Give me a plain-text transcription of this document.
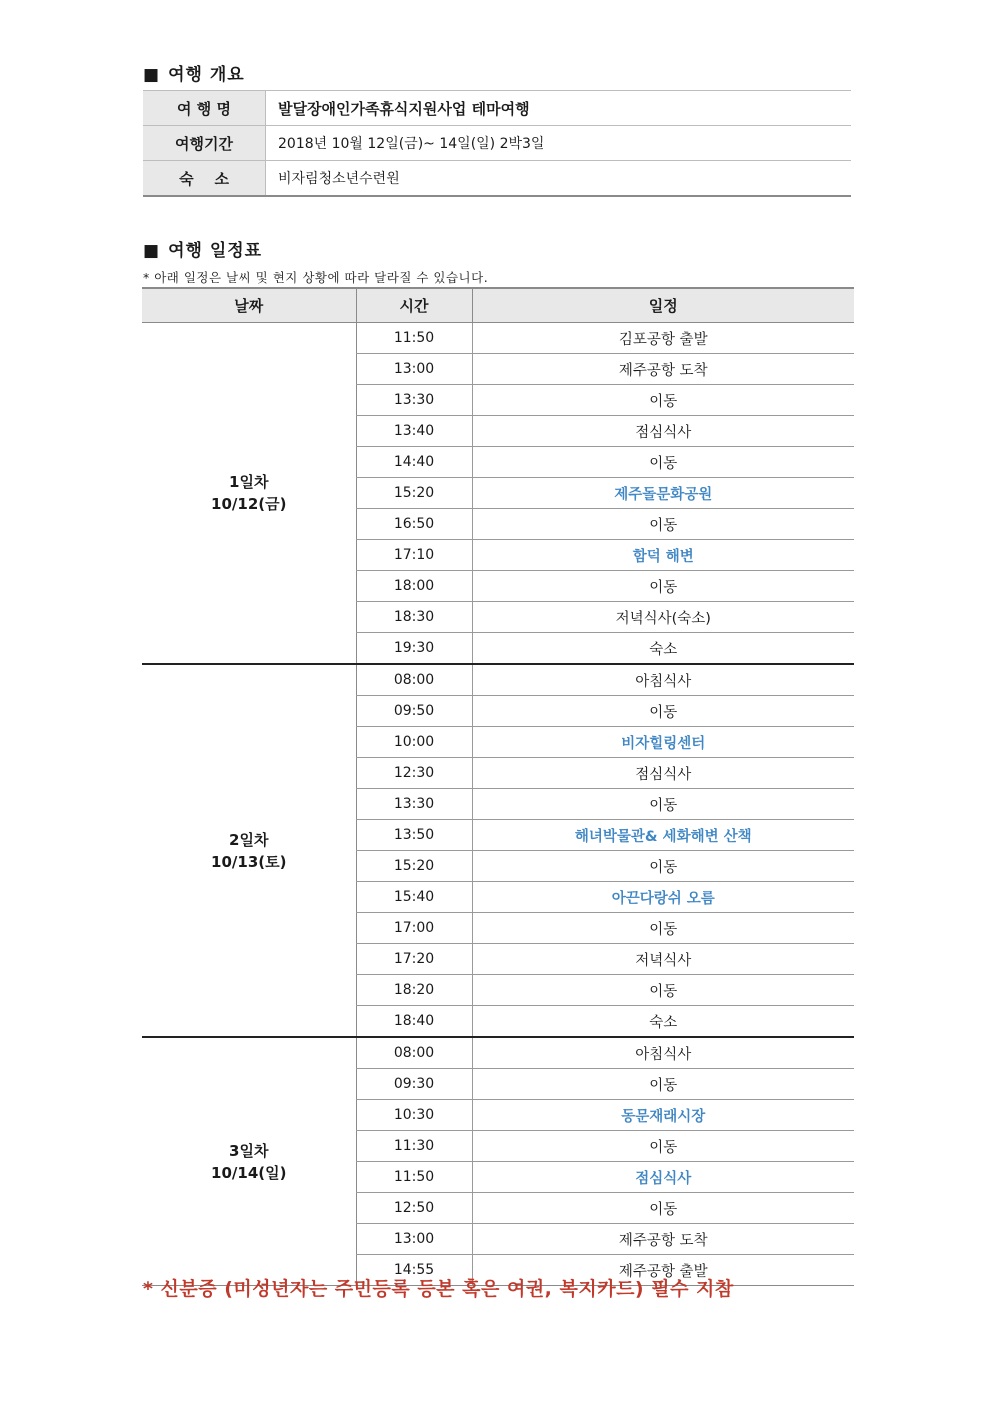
■ 여행 개요
여 행 명	발달장애인가족휴식지원사업 테마여행
여행기간	2018년 10월 12일(금)~ 14일(일) 2박3일
숙    소	비자림청소년수련원
■ 여행 일정표
* 아래 일정은 날씨 및 현지 상황에 따라 달라질 수 있습니다.
날짜	시간	일정

1일차
10/12(금)	11:50	김포공항 출발
	13:00	제주공항 도착
	13:30	이동
	13:40	점심식사
	14:40	이동
	15:20	제주돌문화공원
	16:50	이동
	17:10	함덕 해변
	18:00	이동
	18:30	저녁식사(숙소)
	19:30	숙소

2일차
10/13(토)	08:00	아침식사
	09:50	이동
	10:00	비자힐링센터
	12:30	점심식사
	13:30	이동
	13:50	해녀박물관& 세화해변 산책
	15:20	이동
	15:40	아끈다랑쉬 오름
	17:00	이동
	17:20	저녁식사
	18:20	이동
	18:40	숙소

3일차
10/14(일)	08:00	아침식사
	09:30	이동
	10:30	동문재래시장
	11:30	이동
	11:50	점심식사
	12:50	이동
	13:00	제주공항 도착
	14:55	제주공항 출발
* 신분증 (미성년자는 주민등록 등본 혹은 여권, 복지카드) 필수 지참
